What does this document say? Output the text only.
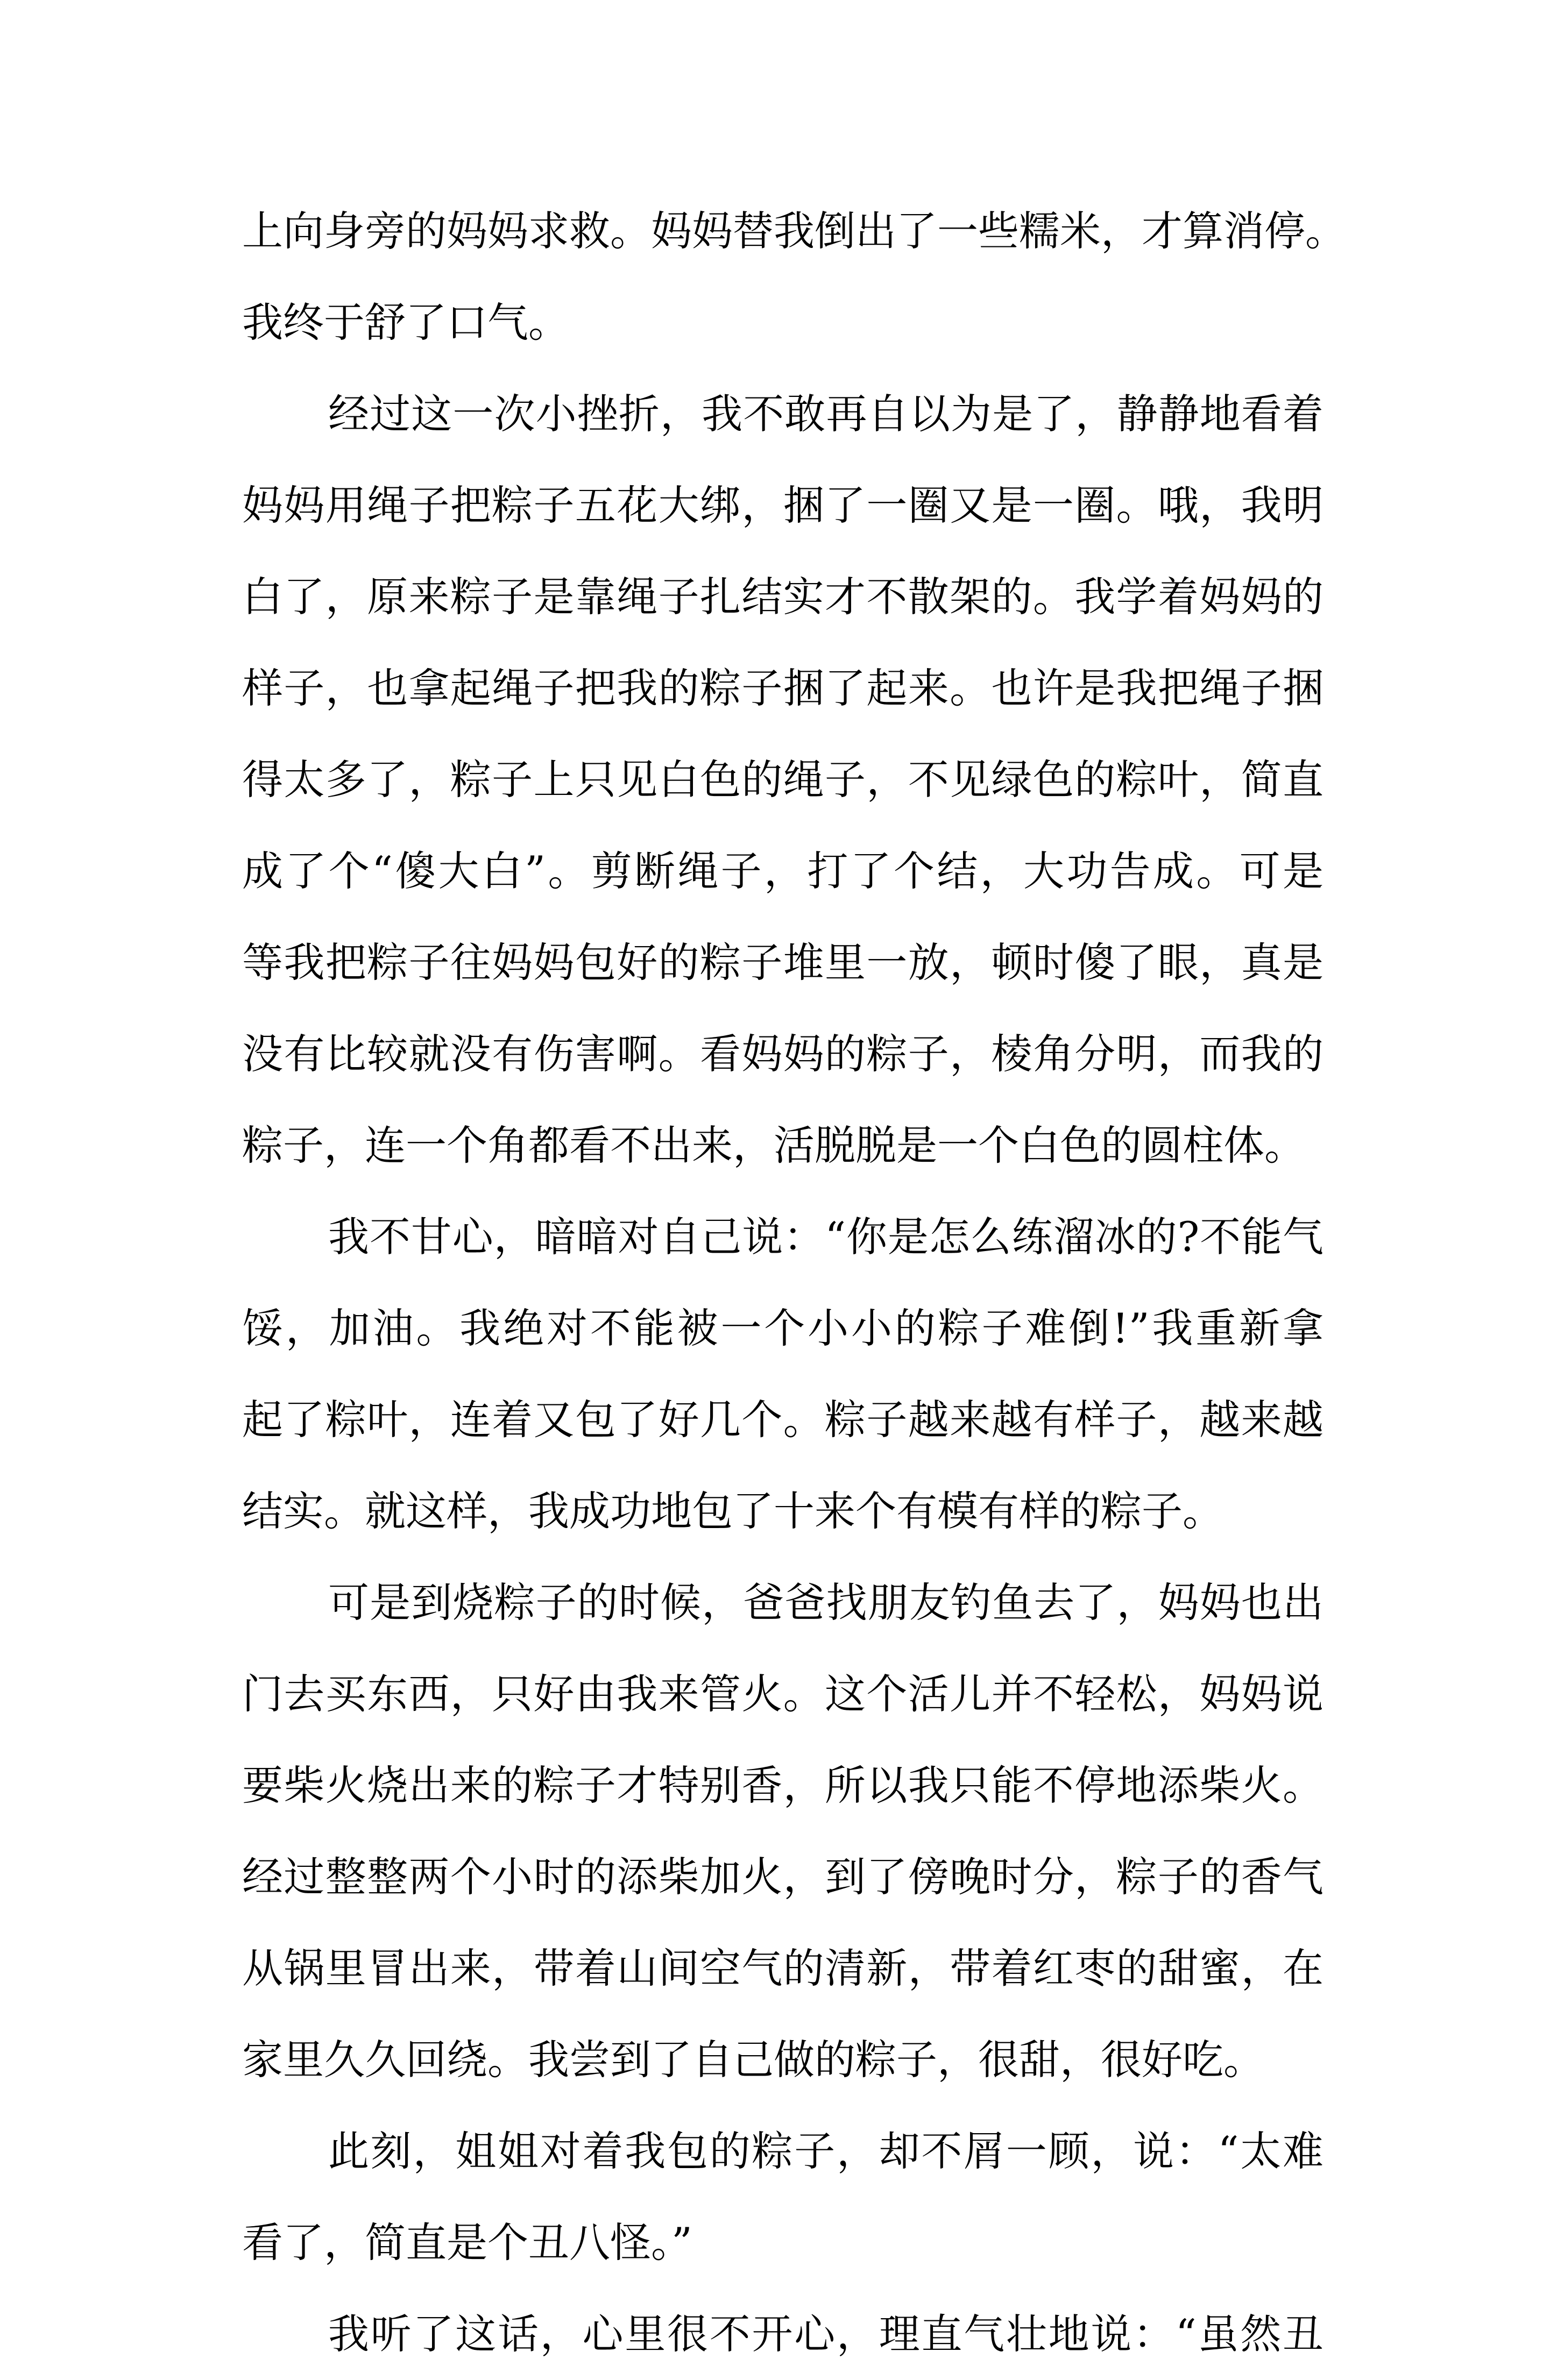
上向身旁的妈妈求救。妈妈替我倒出了一些糯米，才算消停。
我终于舒了口气。
经过这一次小挫折，我不敢再自以为是了，静静地看着
妈妈用绳子把粽子五花大绑，捆了一圈又是一圈。哦，我明
白了，原来粽子是靠绳子扎结实才不散架的。我学着妈妈的
样子，也拿起绳子把我的粽子捆了起来。也许是我把绳子捆
得太多了，粽子上只见白色的绳子，不见绿色的粽叶，简直
成了个“傻大白”。剪断绳子，打了个结，大功告成。可是
等我把粽子往妈妈包好的粽子堆里一放，顿时傻了眼，真是
没有比较就没有伤害啊。看妈妈的粽子，棱角分明，而我的
粽子，连一个角都看不出来，活脱脱是一个白色的圆柱体。
我不甘心，暗暗对自己说：“你是怎么练溜冰的?不能气
馁，加油。我绝对不能被一个小小的粽子难倒!”我重新拿
起了粽叶，连着又包了好几个。粽子越来越有样子，越来越
结实。就这样，我成功地包了十来个有模有样的粽子。
可是到烧粽子的时候，爸爸找朋友钓鱼去了，妈妈也出
门去买东西，只好由我来管火。这个活儿并不轻松，妈妈说
要柴火烧出来的粽子才特别香，所以我只能不停地添柴火。
经过整整两个小时的添柴加火，到了傍晚时分，粽子的香气
从锅里冒出来，带着山间空气的清新，带着红枣的甜蜜，在
家里久久回绕。我尝到了自己做的粽子，很甜，很好吃。
此刻，姐姐对着我包的粽子，却不屑一顾，说：“太难
看了，简直是个丑八怪。”
我听了这话，心里很不开心，理直气壮地说：“虽然丑
